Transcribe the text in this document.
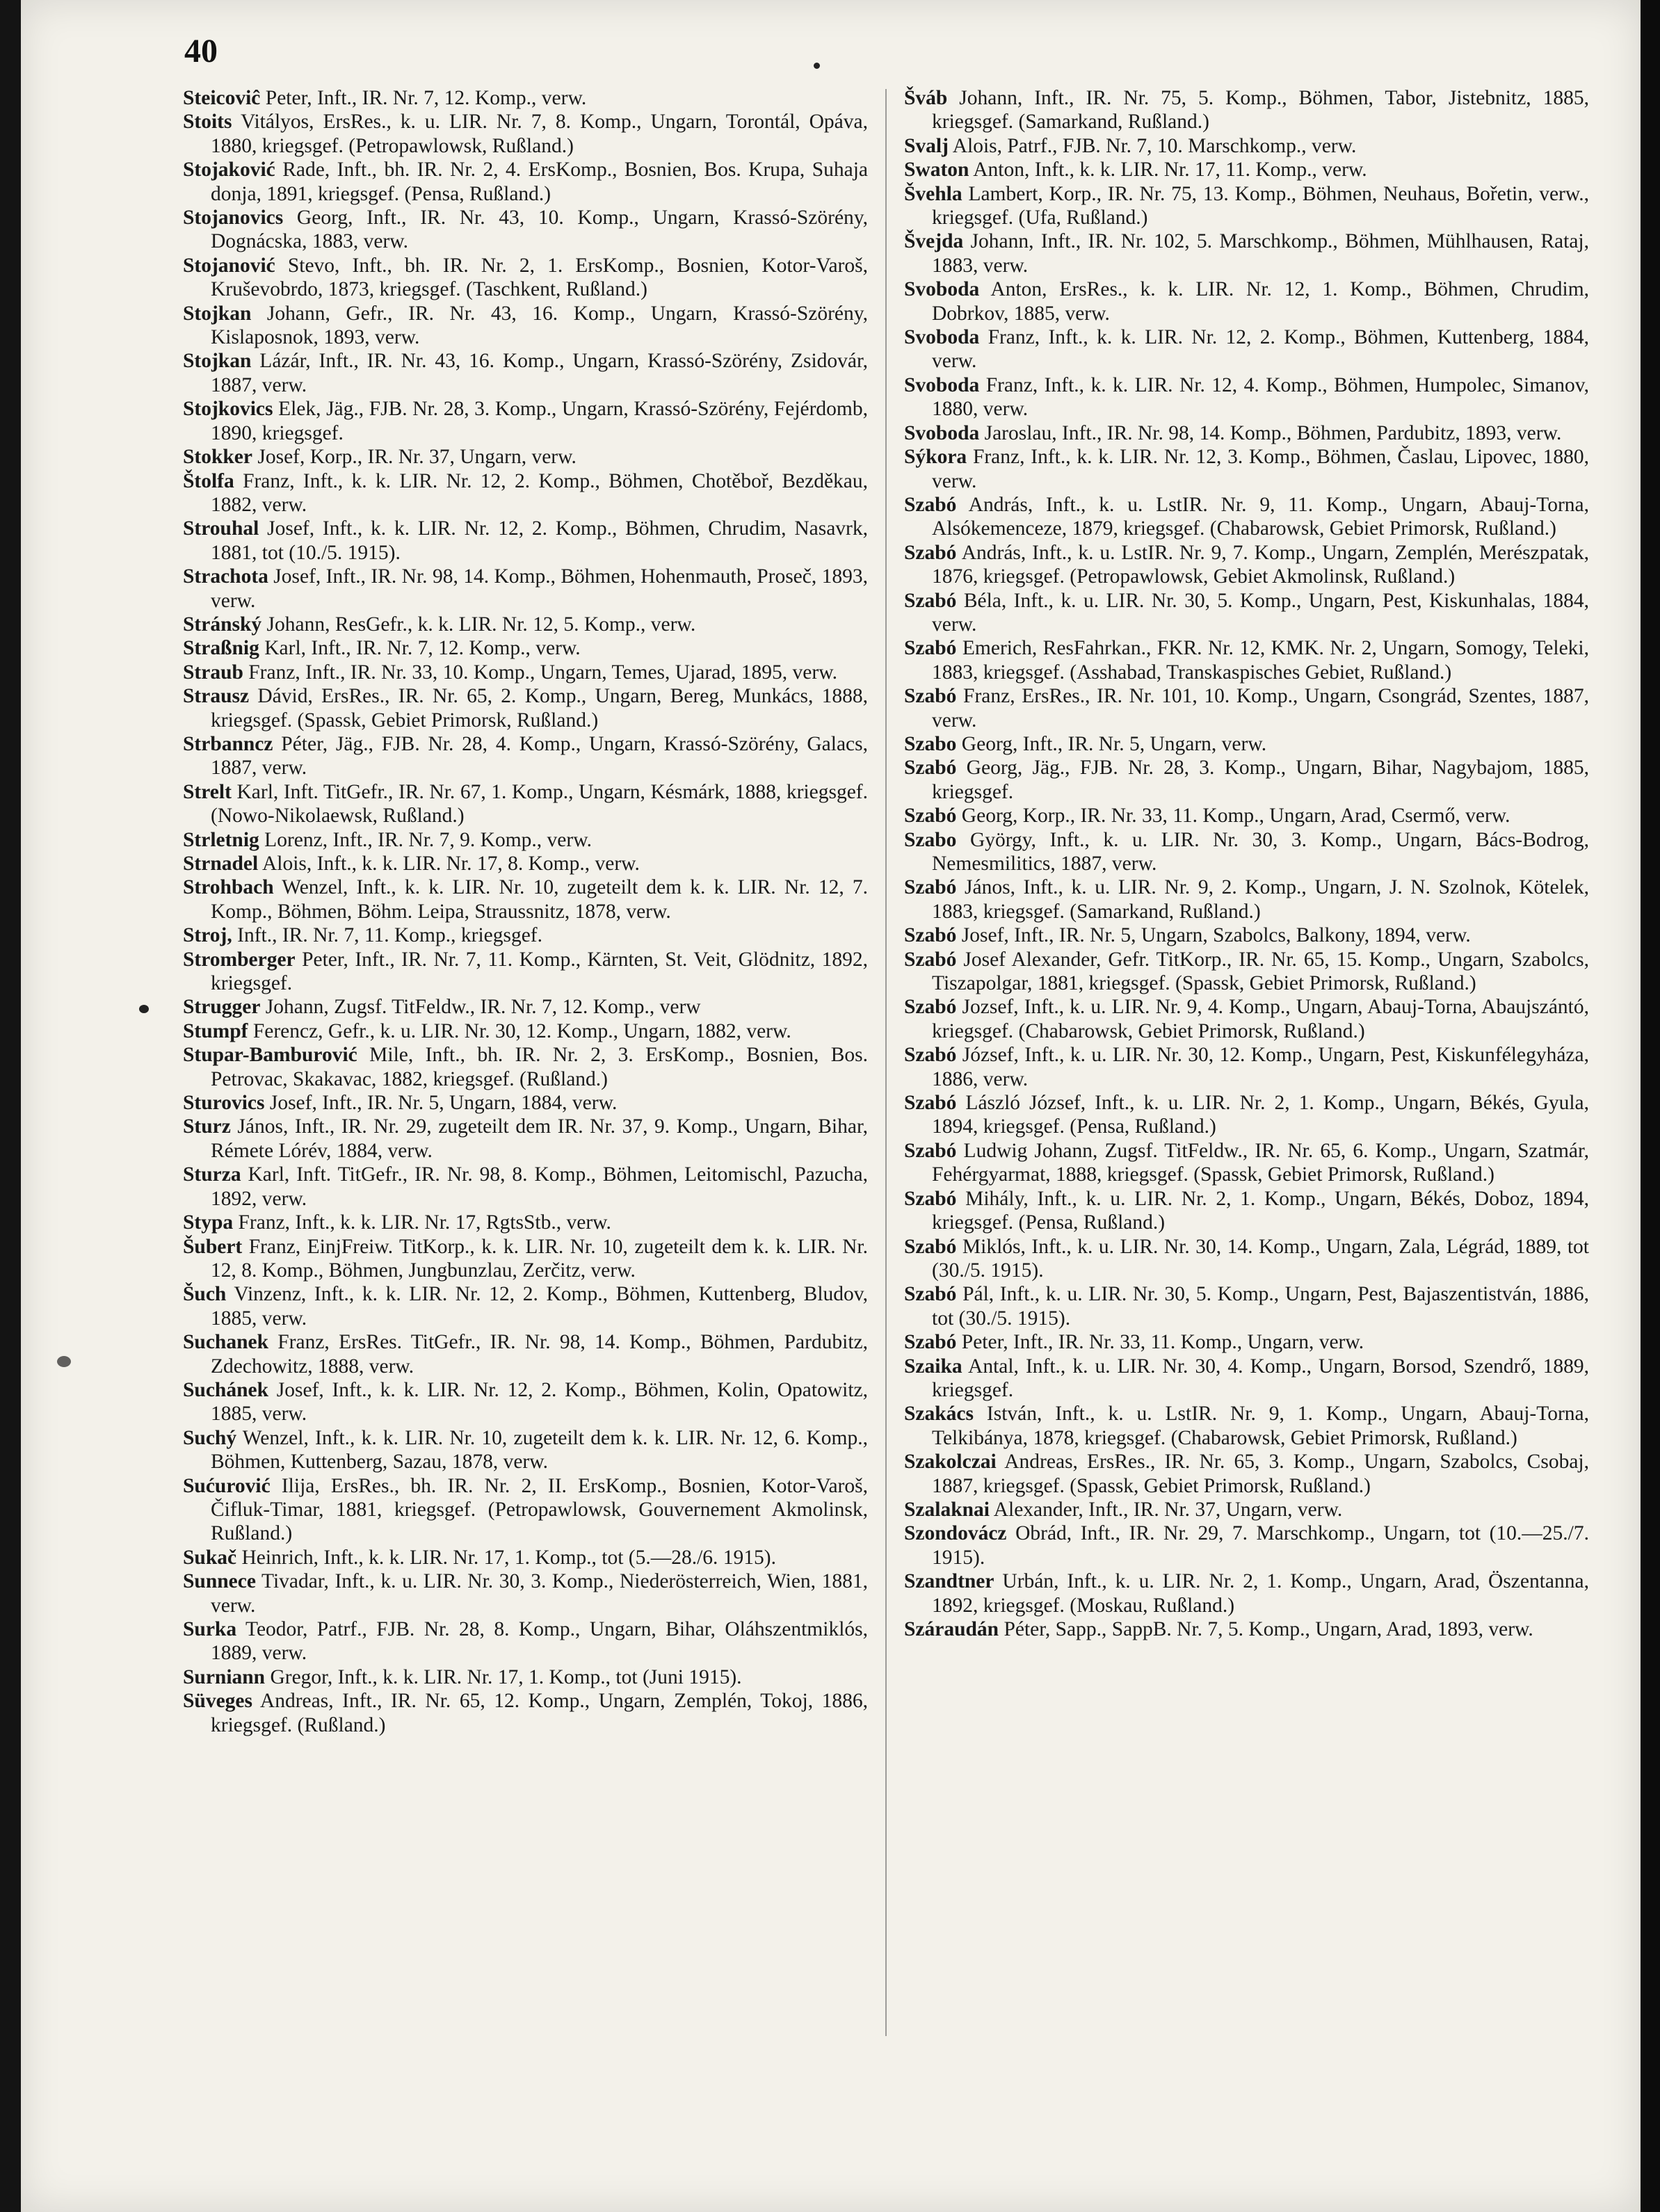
40

Steicoviĉ Peter, Inft., IR. Nr. 7, 12. Komp., verw.

Stoits Vitályos, ErsRes., k. u. LIR. Nr. 7, 8. Komp., Ungarn, Torontál, Opáva, 1880, kriegsgef. (Petropawlowsk, Rußland.)

Stojaković Rade, Inft., bh. IR. Nr. 2, 4. ErsKomp., Bosnien, Bos. Krupa, Suhaja donja, 1891, kriegsgef. (Pensa, Rußland.)

Stojanovics Georg, Inft., IR. Nr. 43, 10. Komp., Ungarn, Krassó-Szörény, Dognácska, 1883, verw.

Stojanović Stevo, Inft., bh. IR. Nr. 2, 1. ErsKomp., Bosnien, Kotor-Varoš, Kruševobrdo, 1873, kriegsgef. (Taschkent, Rußland.)

Stojkan Johann, Gefr., IR. Nr. 43, 16. Komp., Ungarn, Krassó-Szörény, Kislaposnok, 1893, verw.

Stojkan Lázár, Inft., IR. Nr. 43, 16. Komp., Ungarn, Krassó-Szörény, Zsidovár, 1887, verw.

Stojkovics Elek, Jäg., FJB. Nr. 28, 3. Komp., Ungarn, Krassó-Szörény, Fejérdomb, 1890, kriegsgef.

Stokker Josef, Korp., IR. Nr. 37, Ungarn, verw.

Štolfa Franz, Inft., k. k. LIR. Nr. 12, 2. Komp., Böhmen, Chotěboř, Bezděkau, 1882, verw.

Strouhal Josef, Inft., k. k. LIR. Nr. 12, 2. Komp., Böhmen, Chrudim, Nasavrk, 1881, tot (10./5. 1915).

Strachota Josef, Inft., IR. Nr. 98, 14. Komp., Böhmen, Hohenmauth, Proseč, 1893, verw.

Stránský Johann, ResGefr., k. k. LIR. Nr. 12, 5. Komp., verw.

Straßnig Karl, Inft., IR. Nr. 7, 12. Komp., verw.

Straub Franz, Inft., IR. Nr. 33, 10. Komp., Ungarn, Temes, Ujarad, 1895, verw.

Strausz Dávid, ErsRes., IR. Nr. 65, 2. Komp., Ungarn, Bereg, Munkács, 1888, kriegsgef. (Spassk, Gebiet Primorsk, Rußland.)

Strbanncz Péter, Jäg., FJB. Nr. 28, 4. Komp., Ungarn, Krassó-Szörény, Galacs, 1887, verw.

Strelt Karl, Inft. TitGefr., IR. Nr. 67, 1. Komp., Ungarn, Késmárk, 1888, kriegsgef. (Nowo-Nikolaewsk, Rußland.)

Strletnig Lorenz, Inft., IR. Nr. 7, 9. Komp., verw.

Strnadel Alois, Inft., k. k. LIR. Nr. 17, 8. Komp., verw.

Strohbach Wenzel, Inft., k. k. LIR. Nr. 10, zugeteilt dem k. k. LIR. Nr. 12, 7. Komp., Böhmen, Böhm. Leipa, Straussnitz, 1878, verw.

Stroj, Inft., IR. Nr. 7, 11. Komp., kriegsgef.

Stromberger Peter, Inft., IR. Nr. 7, 11. Komp., Kärnten, St. Veit, Glödnitz, 1892, kriegsgef.

Strugger Johann, Zugsf. TitFeldw., IR. Nr. 7, 12. Komp., verw

Stumpf Ferencz, Gefr., k. u. LIR. Nr. 30, 12. Komp., Ungarn, 1882, verw.

Stupar-Bamburović Mile, Inft., bh. IR. Nr. 2, 3. ErsKomp., Bosnien, Bos. Petrovac, Skakavac, 1882, kriegsgef. (Rußland.)

Sturovics Josef, Inft., IR. Nr. 5, Ungarn, 1884, verw.

Sturz János, Inft., IR. Nr. 29, zugeteilt dem IR. Nr. 37, 9. Komp., Ungarn, Bihar, Rémete Lórév, 1884, verw.

Sturza Karl, Inft. TitGefr., IR. Nr. 98, 8. Komp., Böhmen, Leitomischl, Pazucha, 1892, verw.

Stypa Franz, Inft., k. k. LIR. Nr. 17, RgtsStb., verw.

Šubert Franz, EinjFreiw. TitKorp., k. k. LIR. Nr. 10, zugeteilt dem k. k. LIR. Nr. 12, 8. Komp., Böhmen, Jungbunzlau, Zerčitz, verw.

Šuch Vinzenz, Inft., k. k. LIR. Nr. 12, 2. Komp., Böhmen, Kuttenberg, Bludov, 1885, verw.

Suchanek Franz, ErsRes. TitGefr., IR. Nr. 98, 14. Komp., Böhmen, Pardubitz, Zdechowitz, 1888, verw.

Suchánek Josef, Inft., k. k. LIR. Nr. 12, 2. Komp., Böhmen, Kolin, Opatowitz, 1885, verw.

Suchý Wenzel, Inft., k. k. LIR. Nr. 10, zugeteilt dem k. k. LIR. Nr. 12, 6. Komp., Böhmen, Kuttenberg, Sazau, 1878, verw.

Sućurović Ilija, ErsRes., bh. IR. Nr. 2, II. ErsKomp., Bosnien, Kotor-Varoš, Čifluk-Timar, 1881, kriegsgef. (Petropawlowsk, Gouvernement Akmolinsk, Rußland.)

Sukač Heinrich, Inft., k. k. LIR. Nr. 17, 1. Komp., tot (5.—28./6. 1915).

Sunnece Tivadar, Inft., k. u. LIR. Nr. 30, 3. Komp., Niederösterreich, Wien, 1881, verw.

Surka Teodor, Patrf., FJB. Nr. 28, 8. Komp., Ungarn, Bihar, Oláhszentmiklós, 1889, verw.

Surniann Gregor, Inft., k. k. LIR. Nr. 17, 1. Komp., tot (Juni 1915).

Süveges Andreas, Inft., IR. Nr. 65, 12. Komp., Ungarn, Zemplén, Tokoj, 1886, kriegsgef. (Rußland.)

Šváb Johann, Inft., IR. Nr. 75, 5. Komp., Böhmen, Tabor, Jistebnitz, 1885, kriegsgef. (Samarkand, Rußland.)

Svalj Alois, Patrf., FJB. Nr. 7, 10. Marschkomp., verw.

Swaton Anton, Inft., k. k. LIR. Nr. 17, 11. Komp., verw.

Švehla Lambert, Korp., IR. Nr. 75, 13. Komp., Böhmen, Neuhaus, Bořetin, verw., kriegsgef. (Ufa, Rußland.)

Švejda Johann, Inft., IR. Nr. 102, 5. Marschkomp., Böhmen, Mühlhausen, Rataj, 1883, verw.

Svoboda Anton, ErsRes., k. k. LIR. Nr. 12, 1. Komp., Böhmen, Chrudim, Dobrkov, 1885, verw.

Svoboda Franz, Inft., k. k. LIR. Nr. 12, 2. Komp., Böhmen, Kuttenberg, 1884, verw.

Svoboda Franz, Inft., k. k. LIR. Nr. 12, 4. Komp., Böhmen, Humpolec, Simanov, 1880, verw.

Svoboda Jaroslau, Inft., IR. Nr. 98, 14. Komp., Böhmen, Pardubitz, 1893, verw.

Sýkora Franz, Inft., k. k. LIR. Nr. 12, 3. Komp., Böhmen, Časlau, Lipovec, 1880, verw.

Szabó András, Inft., k. u. LstIR. Nr. 9, 11. Komp., Ungarn, Abauj-Torna, Alsókemenceze, 1879, kriegsgef. (Chabarowsk, Gebiet Primorsk, Rußland.)

Szabó András, Inft., k. u. LstIR. Nr. 9, 7. Komp., Ungarn, Zemplén, Merészpatak, 1876, kriegsgef. (Petropawlowsk, Gebiet Akmolinsk, Rußland.)

Szabó Béla, Inft., k. u. LIR. Nr. 30, 5. Komp., Ungarn, Pest, Kiskunhalas, 1884, verw.

Szabó Emerich, ResFahrkan., FKR. Nr. 12, KMK. Nr. 2, Ungarn, Somogy, Teleki, 1883, kriegsgef. (Asshabad, Transkaspisches Gebiet, Rußland.)

Szabó Franz, ErsRes., IR. Nr. 101, 10. Komp., Ungarn, Csongrád, Szentes, 1887, verw.

Szabo Georg, Inft., IR. Nr. 5, Ungarn, verw.

Szabó Georg, Jäg., FJB. Nr. 28, 3. Komp., Ungarn, Bihar, Nagybajom, 1885, kriegsgef.

Szabó Georg, Korp., IR. Nr. 33, 11. Komp., Ungarn, Arad, Csermő, verw.

Szabo György, Inft., k. u. LIR. Nr. 30, 3. Komp., Ungarn, Bács-Bodrog, Nemesmilitics, 1887, verw.

Szabó János, Inft., k. u. LIR. Nr. 9, 2. Komp., Ungarn, J. N. Szolnok, Kötelek, 1883, kriegsgef. (Samarkand, Rußland.)

Szabó Josef, Inft., IR. Nr. 5, Ungarn, Szabolcs, Balkony, 1894, verw.

Szabó Josef Alexander, Gefr. TitKorp., IR. Nr. 65, 15. Komp., Ungarn, Szabolcs, Tiszapolgar, 1881, kriegsgef. (Spassk, Gebiet Primorsk, Rußland.)

Szabó Jozsef, Inft., k. u. LIR. Nr. 9, 4. Komp., Ungarn, Abauj-Torna, Abaujszántó, kriegsgef. (Chabarowsk, Gebiet Primorsk, Rußland.)

Szabó József, Inft., k. u. LIR. Nr. 30, 12. Komp., Ungarn, Pest, Kiskunfélegyháza, 1886, verw.

Szabó László József, Inft., k. u. LIR. Nr. 2, 1. Komp., Ungarn, Békés, Gyula, 1894, kriegsgef. (Pensa, Rußland.)

Szabó Ludwig Johann, Zugsf. TitFeldw., IR. Nr. 65, 6. Komp., Ungarn, Szatmár, Fehérgyarmat, 1888, kriegsgef. (Spassk, Gebiet Primorsk, Rußland.)

Szabó Mihály, Inft., k. u. LIR. Nr. 2, 1. Komp., Ungarn, Békés, Doboz, 1894, kriegsgef. (Pensa, Rußland.)

Szabó Miklós, Inft., k. u. LIR. Nr. 30, 14. Komp., Ungarn, Zala, Légrád, 1889, tot (30./5. 1915).

Szabó Pál, Inft., k. u. LIR. Nr. 30, 5. Komp., Ungarn, Pest, Bajaszentistván, 1886, tot (30./5. 1915).

Szabó Peter, Inft., IR. Nr. 33, 11. Komp., Ungarn, verw.

Szaika Antal, Inft., k. u. LIR. Nr. 30, 4. Komp., Ungarn, Borsod, Szendrő, 1889, kriegsgef.

Szakács István, Inft., k. u. LstIR. Nr. 9, 1. Komp., Ungarn, Abauj-Torna, Telkibánya, 1878, kriegsgef. (Chabarowsk, Gebiet Primorsk, Rußland.)

Szakolczai Andreas, ErsRes., IR. Nr. 65, 3. Komp., Ungarn, Szabolcs, Csobaj, 1887, kriegsgef. (Spassk, Gebiet Primorsk, Rußland.)

Szalaknai Alexander, Inft., IR. Nr. 37, Ungarn, verw.

Szondovácz Obrád, Inft., IR. Nr. 29, 7. Marschkomp., Ungarn, tot (10.—25./7. 1915).

Szandtner Urbán, Inft., k. u. LIR. Nr. 2, 1. Komp., Ungarn, Arad, Öszentanna, 1892, kriegsgef. (Moskau, Rußland.)

Száraudán Péter, Sapp., SappB. Nr. 7, 5. Komp., Ungarn, Arad, 1893, verw.
